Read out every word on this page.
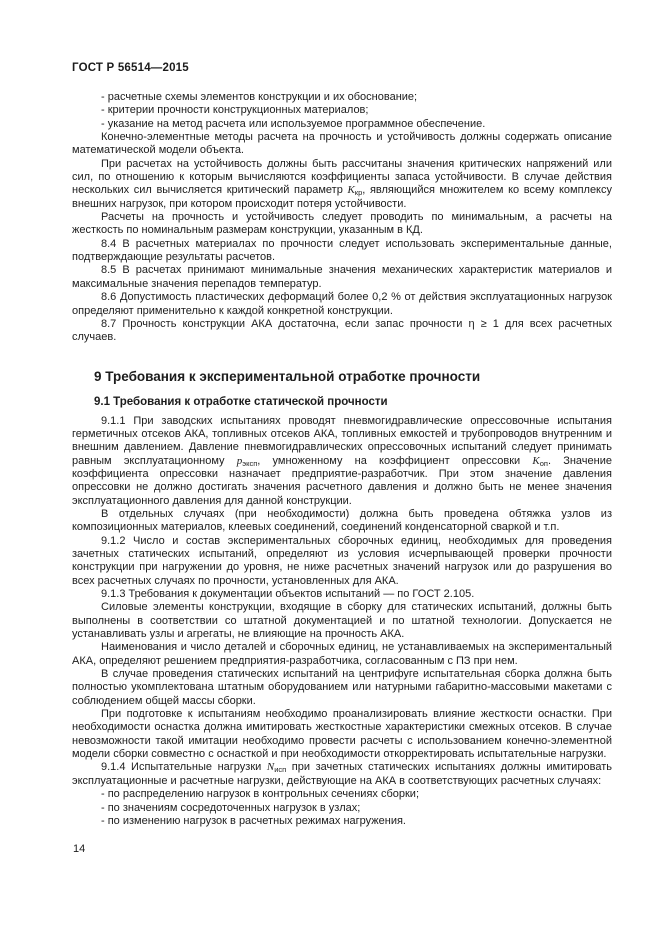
ГОСТ Р 56514—2015

- расчетные схемы элементов конструкции и их обоснование;

- критерии прочности конструкционных материалов;

- указание на метод расчета или используемое программное обеспечение.

Конечно-элементные методы расчета на прочность и устойчивость должны содержать описание математической модели объекта.

При расчетах на устойчивость должны быть рассчитаны значения критических напряжений или сил, по отношению к которым вычисляются коэффициенты запаса устойчивости. В случае действия нескольких сил вычисляется критический параметр $К_{кр}$, являющийся множителем ко всему комплексу внешних нагрузок, при котором происходит потеря устойчивости.

Расчеты на прочность и устойчивость следует проводить по минимальным, а расчеты на жесткость по номинальным размерам конструкции, указанным в КД.

8.4 В расчетных материалах по прочности следует использовать экспериментальные данные, подтверждающие результаты расчетов.

8.5 В расчетах принимают минимальные значения механических характеристик материалов и максимальные значения перепадов температур.

8.6 Допустимость пластических деформаций более 0,2 % от действия эксплуатационных нагрузок определяют применительно к каждой конкретной конструкции.

8.7 Прочность конструкции АКА достаточна, если запас прочности η ≥ 1 для всех расчетных случаев.

9 Требования к экспериментальной отработке прочности
9.1 Требования к отработке статической прочности

9.1.1 При заводских испытаниях проводят пневмогидравлические опрессовочные испытания герметичных отсеков АКА, топливных отсеков АКА, топливных емкостей и трубопроводов внутренним и внешним давлением. Давление пневмогидравлических опрессовочных испытаний следует принимать равным эксплуатационному $p_{эксп}$, умноженному на коэффициент опрессовки $К_{оп}$. Значение коэффициента опрессовки назначает предприятие-разработчик. При этом значение давления опрессовки не должно достигать значения расчетного давления и должно быть не менее значения эксплуатационного давления для данной конструкции.

В отдельных случаях (при необходимости) должна быть проведена обтяжка узлов из композиционных материалов, клеевых соединений, соединений конденсаторной сваркой и т.п.

9.1.2 Число и состав экспериментальных сборочных единиц, необходимых для проведения зачетных статических испытаний, определяют из условия исчерпывающей проверки прочности конструкции при нагружении до уровня, не ниже расчетных значений нагрузок или до разрушения во всех расчетных случаях по прочности, установленных для АКА.

9.1.3 Требования к документации объектов испытаний — по ГОСТ 2.105.

Силовые элементы конструкции, входящие в сборку для статических испытаний, должны быть выполнены в соответствии со штатной документацией и по штатной технологии. Допускается не устанавливать узлы и агрегаты, не влияющие на прочность АКА.

Наименования и число деталей и сборочных единиц, не устанавливаемых на экспериментальный АКА, определяют решением предприятия-разработчика, согласованным с ПЗ при нем.

В случае проведения статических испытаний на центрифуге испытательная сборка должна быть полностью укомплектована штатным оборудованием или натурными габаритно-массовыми макетами с соблюдением общей массы сборки.

При подготовке к испытаниям необходимо проанализировать влияние жесткости оснастки. При необходимости оснастка должна имитировать жесткостные характеристики смежных отсеков. В случае невозможности такой имитации необходимо провести расчеты с использованием конечно-элементной модели сборки совместно с оснасткой и при необходимости откорректировать испытательные нагрузки.

9.1.4 Испытательные нагрузки $N_{исп}$ при зачетных статических испытаниях должны имитировать эксплуатационные и расчетные нагрузки, действующие на АКА в соответствующих расчетных случаях:

- по распределению нагрузок в контрольных сечениях сборки;

- по значениям сосредоточенных нагрузок в узлах;

- по изменению нагрузок в расчетных режимах нагружения.

14
